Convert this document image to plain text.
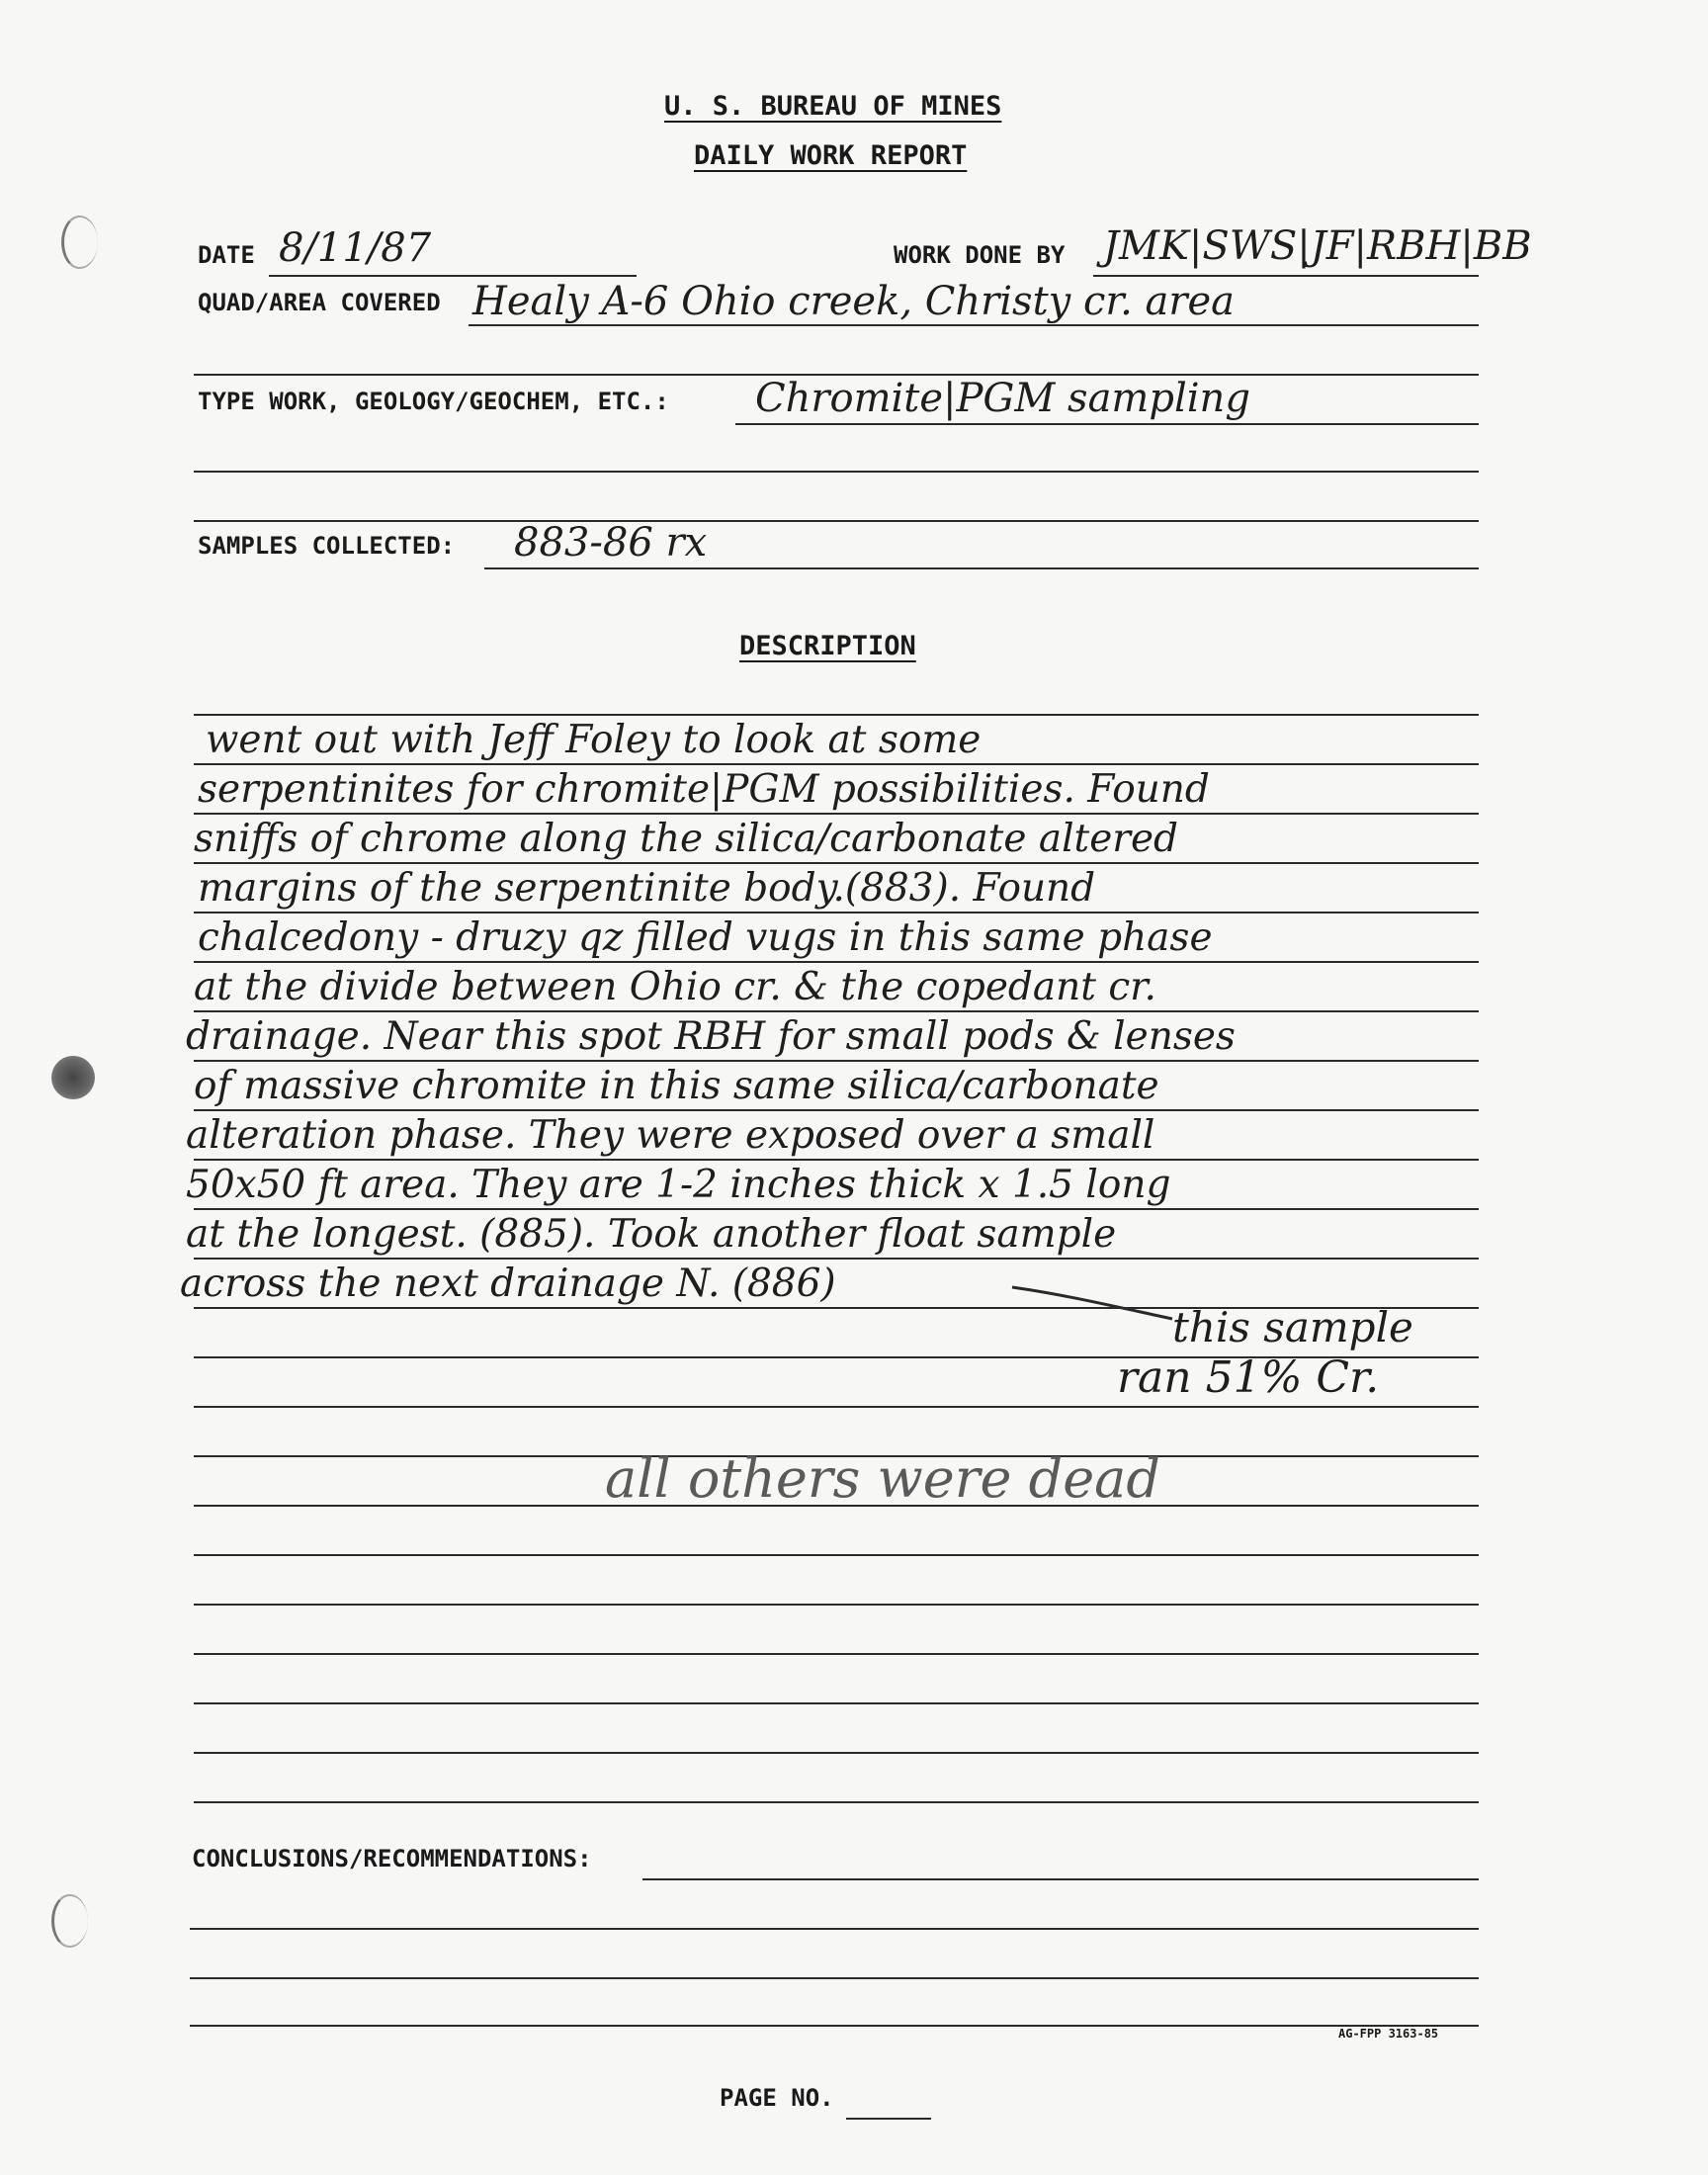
U. S. BUREAU OF MINES
DAILY WORK REPORT
DATE 8/11/87	WORK DONE BY JMK|SWS|JF|RBH|BB
QUAD/AREA COVERED Healy A-6 Ohio creek, Christy cr. area
TYPE WORK, GEOLOGY/GEOCHEM, ETC.: Chromite|PGM sampling
SAMPLES COLLECTED: 883-86 rx
DESCRIPTION
went out with Jeff Foley to look at some
serpentinites for chromite|PGM possibilities. Found
sniffs of chrome along the silica/carbonate altered
margins of the serpentinite body.(883). Found
chalcedony - druzy qz filled vugs in this same phase
at the divide between Ohio cr. & the copedant cr.
drainage. Near this spot RBH for small pods & lenses
of massive chromite in this same silica/carbonate
alteration phase. They were exposed over a small
50x50 ft area. They are 1-2 inches thick x 1.5 long
at the longest. (885). Took another float sample
across the next drainage N. (886)
this sample
ran 51% Cr.
all others were dead
CONCLUSIONS/RECOMMENDATIONS:
AG-FPP 3163-85
PAGE NO.
